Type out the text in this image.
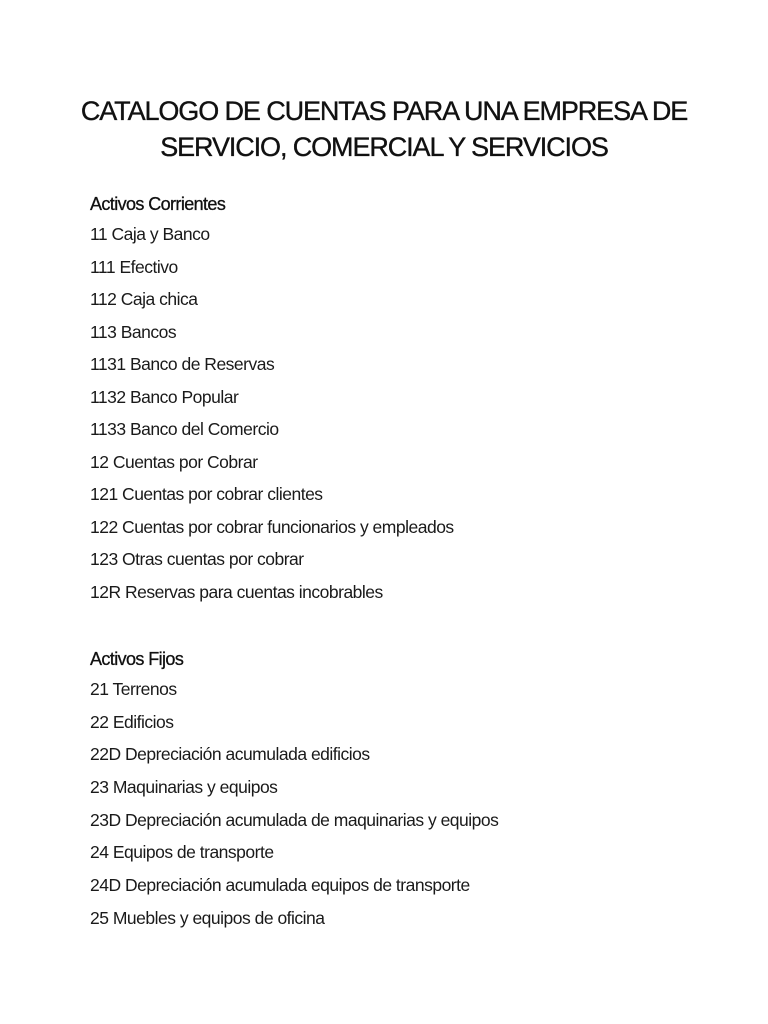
CATALOGO DE CUENTAS PARA UNA EMPRESA DE
SERVICIO, COMERCIAL Y SERVICIOS
Activos Corrientes
11 Caja y Banco
111 Efectivo
112 Caja chica
113 Bancos
1131 Banco de Reservas
1132 Banco Popular
1133 Banco del Comercio
12 Cuentas por Cobrar
121 Cuentas por cobrar clientes
122 Cuentas por cobrar funcionarios y empleados
123 Otras cuentas por cobrar
12R Reservas para cuentas incobrables
Activos Fijos
21 Terrenos
22 Edificios
22D Depreciación acumulada edificios
23 Maquinarias y equipos
23D Depreciación acumulada de maquinarias y equipos
24 Equipos de transporte
24D Depreciación acumulada equipos de transporte
25 Muebles y equipos de oficina
